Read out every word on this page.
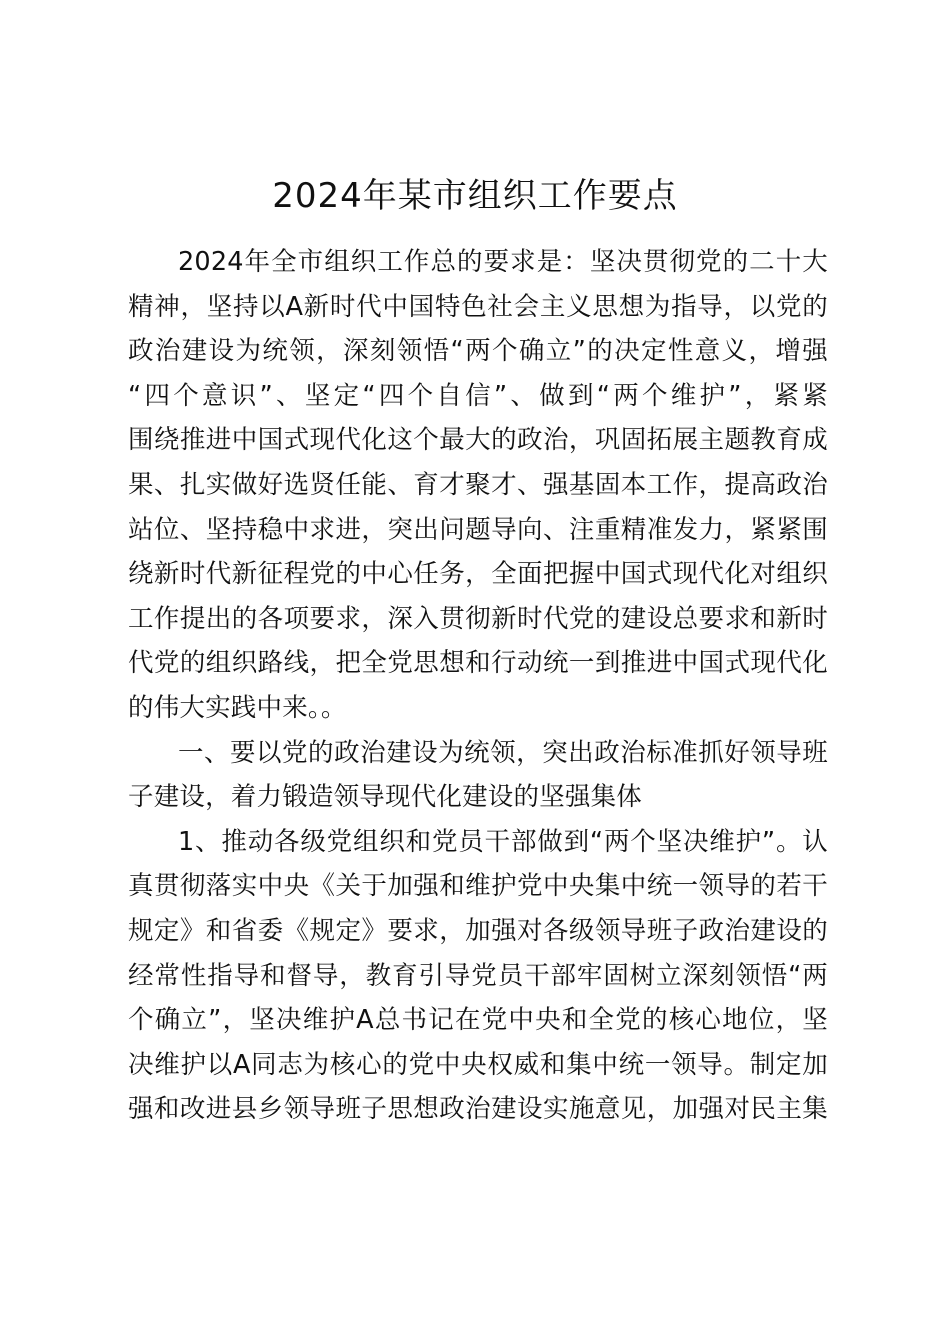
2024年某市组织工作要点
2024年全市组织工作总的要求是：坚决贯彻党的二十大
精神，坚持以A新时代中国特色社会主义思想为指导，以党的
政治建设为统领，深刻领悟“两个确立”的决定性意义，增强
“四个意识”、坚定“四个自信”、做到“两个维护”，紧紧
围绕推进中国式现代化这个最大的政治，巩固拓展主题教育成
果、扎实做好选贤任能、育才聚才、强基固本工作，提高政治
站位、坚持稳中求进，突出问题导向、注重精准发力，紧紧围
绕新时代新征程党的中心任务，全面把握中国式现代化对组织
工作提出的各项要求，深入贯彻新时代党的建设总要求和新时
代党的组织路线，把全党思想和行动统一到推进中国式现代化
的伟大实践中来。。
一、要以党的政治建设为统领，突出政治标准抓好领导班
子建设，着力锻造领导现代化建设的坚强集体
1、推动各级党组织和党员干部做到“两个坚决维护”。认
真贯彻落实中央《关于加强和维护党中央集中统一领导的若干
规定》和省委《规定》要求，加强对各级领导班子政治建设的
经常性指导和督导，教育引导党员干部牢固树立深刻领悟“两
个确立”，坚决维护A总书记在党中央和全党的核心地位，坚
决维护以A同志为核心的党中央权威和集中统一领导。制定加
强和改进县乡领导班子思想政治建设实施意见，加强对民主集
